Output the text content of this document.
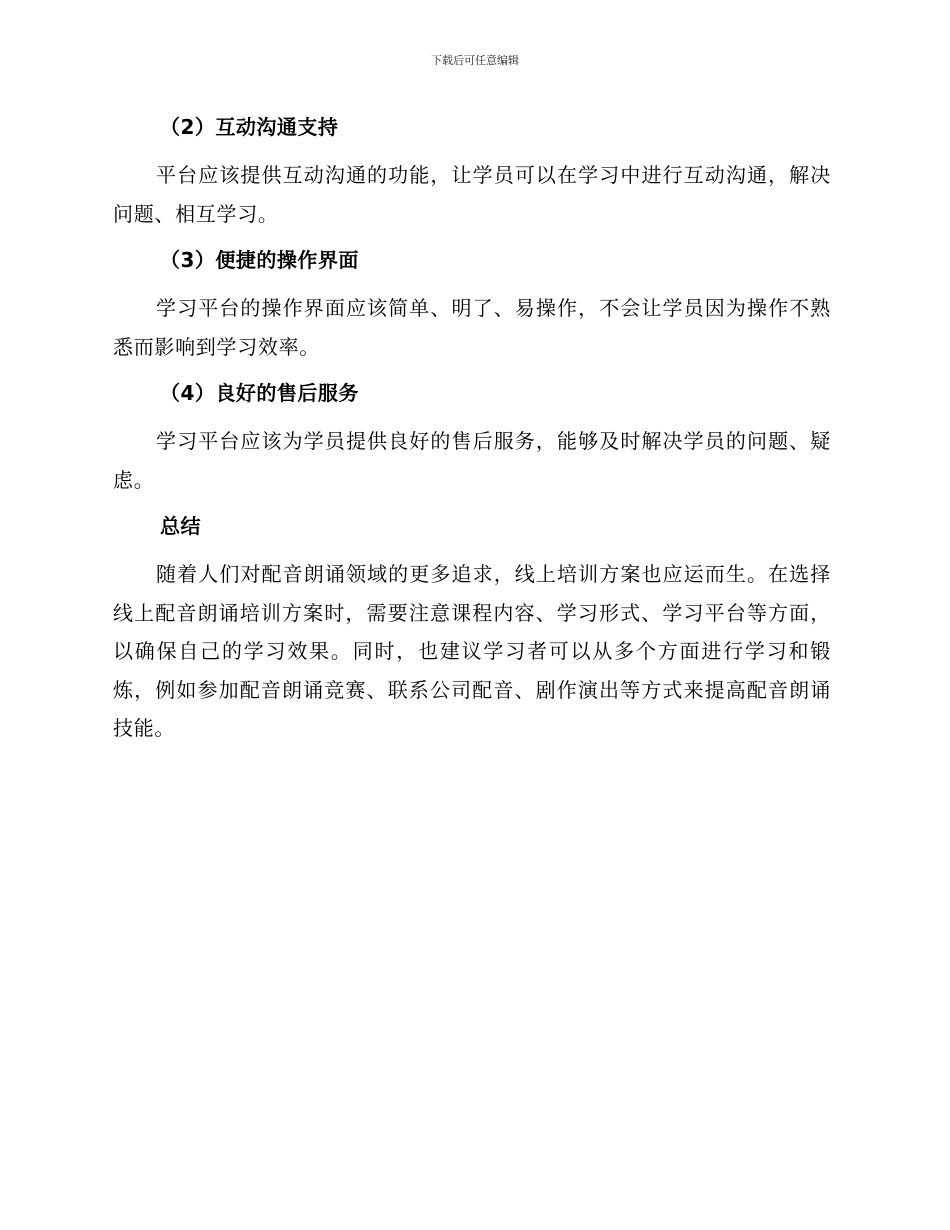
下载后可任意编辑

（2）互动沟通支持

平台应该提供互动沟通的功能，让学员可以在学习中进行互动沟通，解决问题、相互学习。

（3）便捷的操作界面

学习平台的操作界面应该简单、明了、易操作，不会让学员因为操作不熟悉而影响到学习效率。

（4）良好的售后服务

学习平台应该为学员提供良好的售后服务，能够及时解决学员的问题、疑虑。

总结

随着人们对配音朗诵领域的更多追求，线上培训方案也应运而生。在选择线上配音朗诵培训方案时，需要注意课程内容、学习形式、学习平台等方面，以确保自己的学习效果。同时，也建议学习者可以从多个方面进行学习和锻炼，例如参加配音朗诵竞赛、联系公司配音、剧作演出等方式来提高配音朗诵技能。
